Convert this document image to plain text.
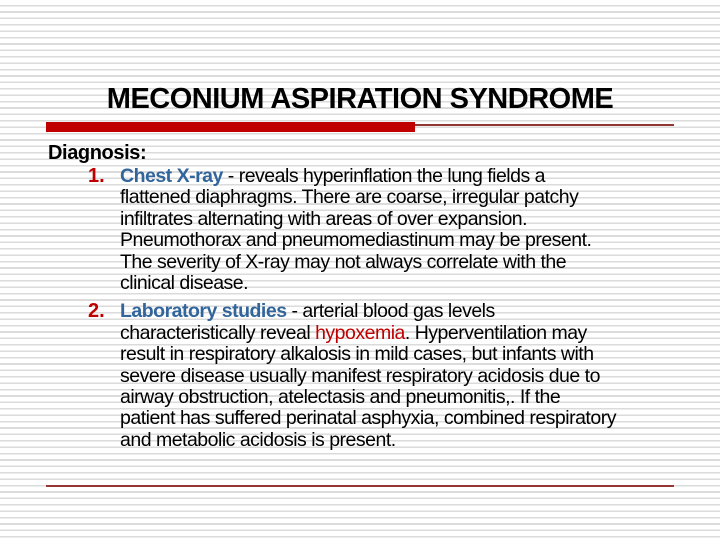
MECONIUM ASPIRATION SYNDROME
Diagnosis:
1. Chest X-ray - reveals hyperinflation the lung fields a
flattened diaphragms. There are coarse, irregular patchy
infiltrates alternating with areas of over expansion.
Pneumothorax and pneumomediastinum may be present.
The severity of X-ray may not always correlate with the
clinical disease.
2. Laboratory studies - arterial blood gas levels
characteristically reveal hypoxemia. Hyperventilation may
result in respiratory alkalosis in mild cases, but infants with
severe disease usually manifest respiratory acidosis due to
airway obstruction, atelectasis and pneumonitis,. If the
patient has suffered perinatal asphyxia, combined respiratory
and metabolic acidosis is present.
